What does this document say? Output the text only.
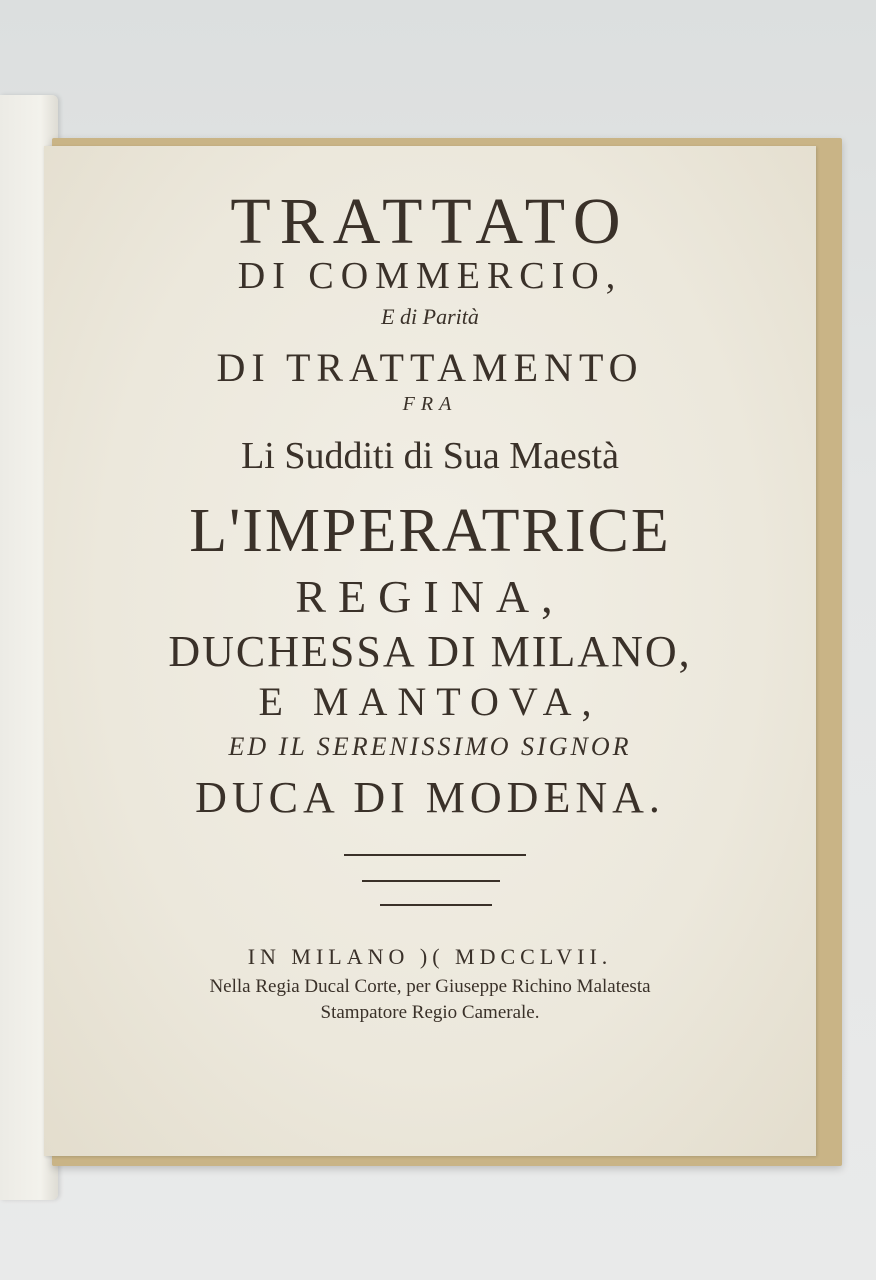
TRATTATO
DI COMMERCIO,
E di Parità
DI TRATTAMENTO
FRA
Li Sudditi di Sua Maestà
L'IMPERATRICE
REGINA,
DUCHESSA DI MILANO,
E MANTOVA,
ED IL SERENISSIMO SIGNOR
DUCA DI MODENA.
IN MILANO )( MDCCLVII.
Nella Regia Ducal Corte, per Giuseppe Richino Malatesta
Stampatore Regio Camerale.
